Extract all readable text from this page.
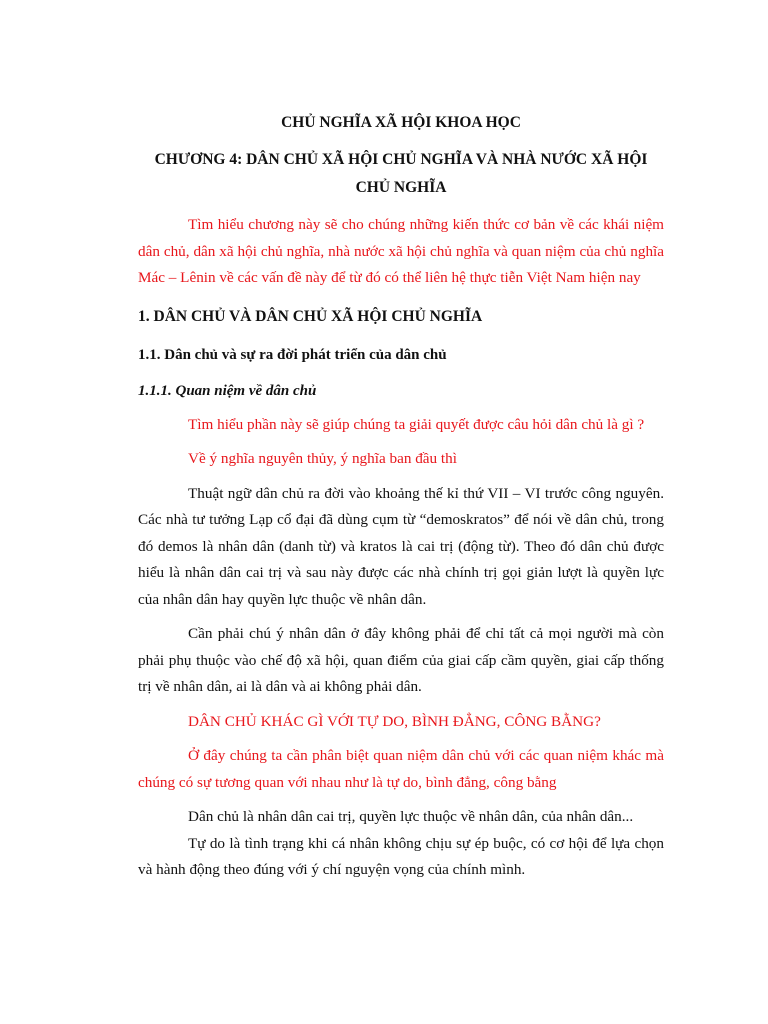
CHỦ NGHĨA XÃ HỘI KHOA HỌC

CHƯƠNG 4: DÂN CHỦ XÃ HỘI CHỦ NGHĨA VÀ NHÀ NƯỚC XÃ HỘI CHỦ NGHĨA

Tìm hiểu chương này sẽ cho chúng những kiến thức cơ bản về các khái niệm dân chủ, dân xã hội chủ nghĩa, nhà nước xã hội chủ nghĩa và quan niệm của chủ nghĩa Mác – Lênin về các vấn đề này để từ đó có thể liên hệ thực tiễn Việt Nam hiện nay

1. DÂN CHỦ VÀ DÂN CHỦ XÃ HỘI CHỦ NGHĨA

1.1. Dân chủ và sự ra đời phát triển của dân chủ

1.1.1. Quan niệm về dân chủ

Tìm hiểu phần này sẽ giúp chúng ta giải quyết được câu hỏi dân chủ là gì ?

Về ý nghĩa nguyên thủy, ý nghĩa ban đầu thì

Thuật ngữ dân chủ ra đời vào khoảng thế kỉ thứ VII – VI trước công nguyên. Các nhà tư tưởng Lạp cổ đại đã dùng cụm từ “demoskratos” để nói về dân chủ, trong đó demos là nhân dân (danh từ) và kratos là cai trị (động từ). Theo đó dân chủ được hiểu là nhân dân cai trị và sau này được các nhà chính trị gọi giản lượt là quyền lực của nhân dân hay quyền lực thuộc về nhân dân.

Cần phải chú ý nhân dân ở đây không phải để chỉ tất cả mọi người mà còn phải phụ thuộc vào chế độ xã hội, quan điểm của giai cấp cầm quyền, giai cấp thống trị về nhân dân, ai là dân và ai không phải dân.

DÂN CHỦ KHÁC GÌ VỚI TỰ DO, BÌNH ĐẲNG, CÔNG BẰNG?

Ở đây chúng ta cần phân biệt quan niệm dân chủ với các quan niệm khác mà chúng có sự tương quan với nhau như là tự do, bình đẳng, công bằng

Dân chủ là nhân dân cai trị, quyền lực thuộc về nhân dân, của nhân dân...

Tự do là tình trạng khi cá nhân không chịu sự ép buộc, có cơ hội để lựa chọn và hành động theo đúng với ý chí nguyện vọng của chính mình.
